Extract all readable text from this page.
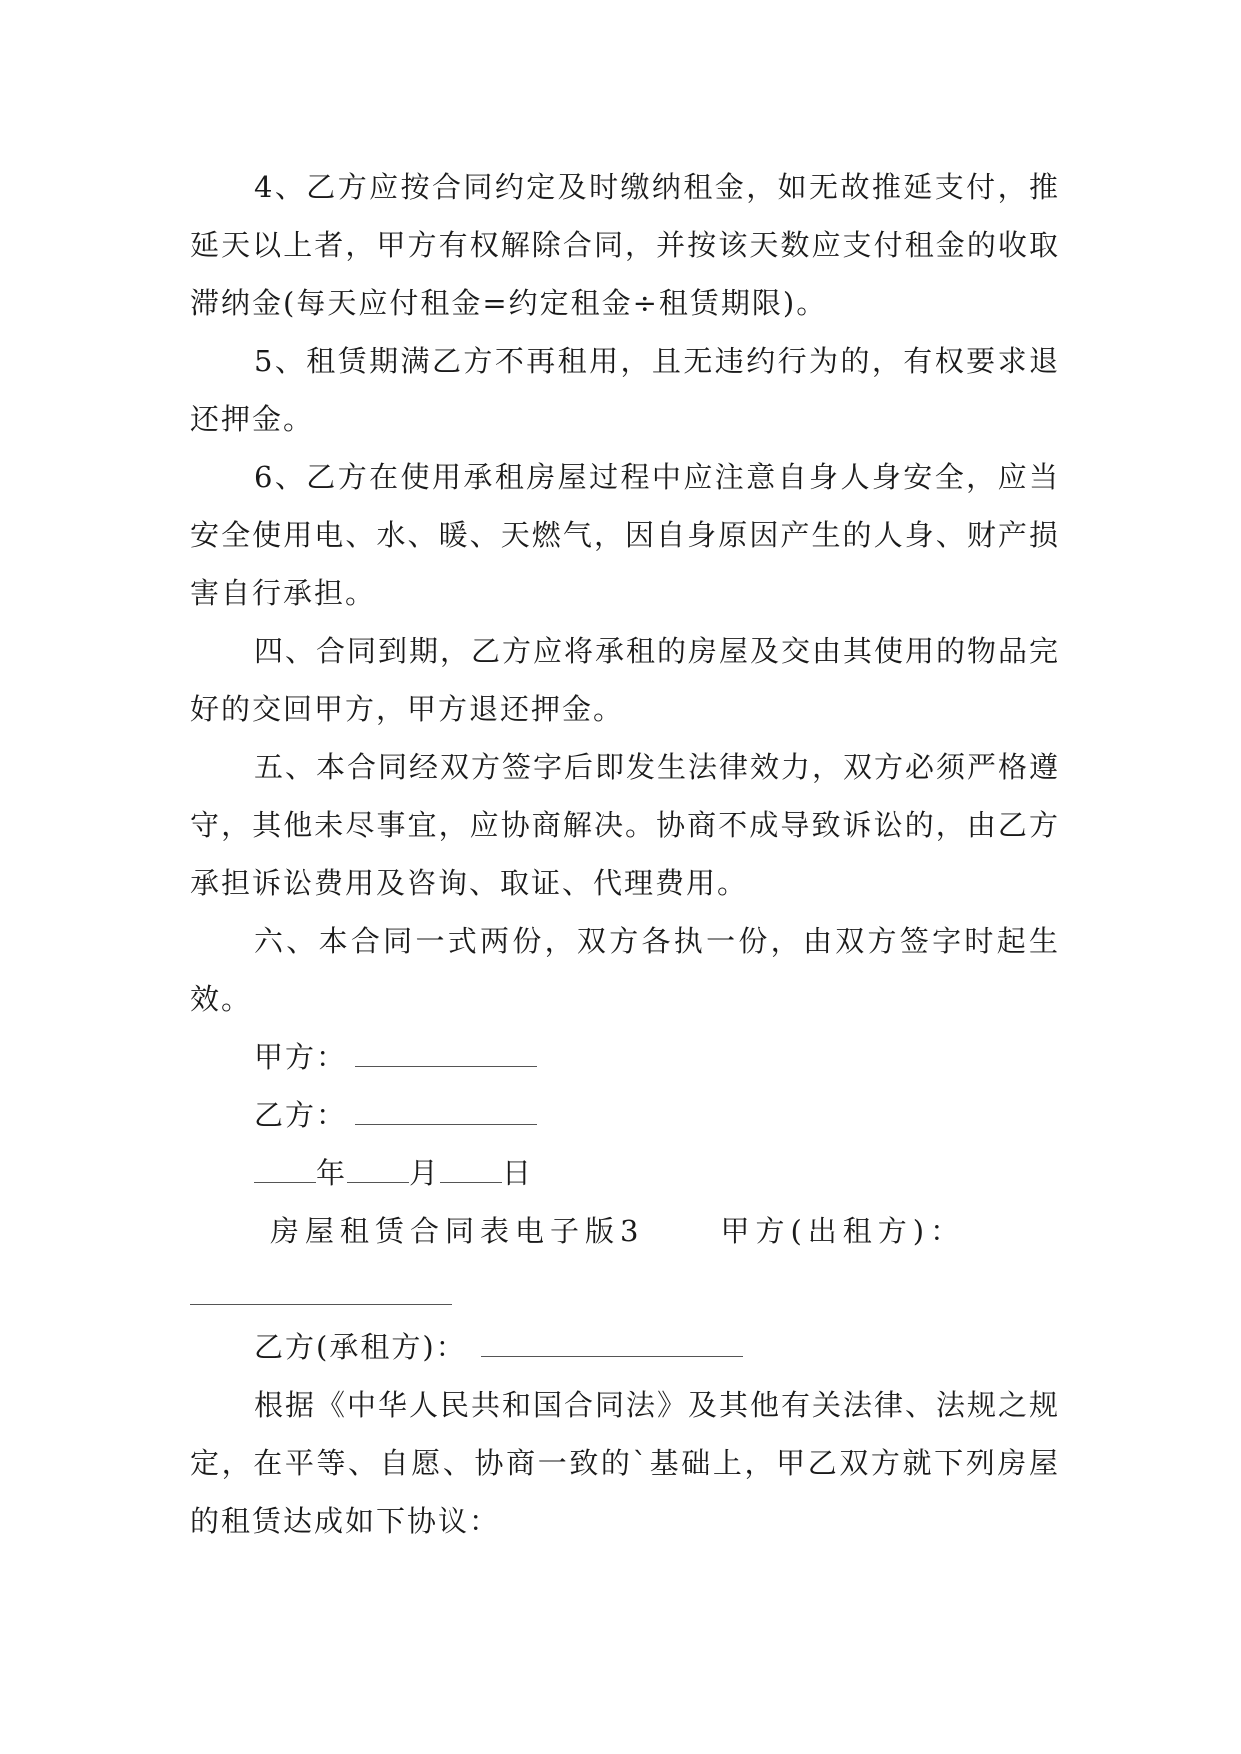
4、乙方应按合同约定及时缴纳租金，如无故推延支付，推延天以上者，甲方有权解除合同，并按该天数应支付租金的收取滞纳金(每天应付租金=约定租金÷租赁期限)。

5、租赁期满乙方不再租用，且无违约行为的，有权要求退还押金。

6、乙方在使用承租房屋过程中应注意自身人身安全，应当安全使用电、水、暖、天燃气，因自身原因产生的人身、财产损害自行承担。

四、合同到期，乙方应将承租的房屋及交由其使用的物品完好的交回甲方，甲方退还押金。

五、本合同经双方签字后即发生法律效力，双方必须严格遵守，其他未尽事宜，应协商解决。协商不成导致诉讼的，由乙方承担诉讼费用及咨询、取证、代理费用。

六、本合同一式两份，双方各执一份，由双方签字时起生效。

甲方：

乙方：

年 月 日

房屋租赁合同表电子版3	甲方(出租方)：

乙方(承租方)：

根据《中华人民共和国合同法》及其他有关法律、法规之规定，在平等、自愿、协商一致的`基础上，甲乙双方就下列房屋的租赁达成如下协议：
